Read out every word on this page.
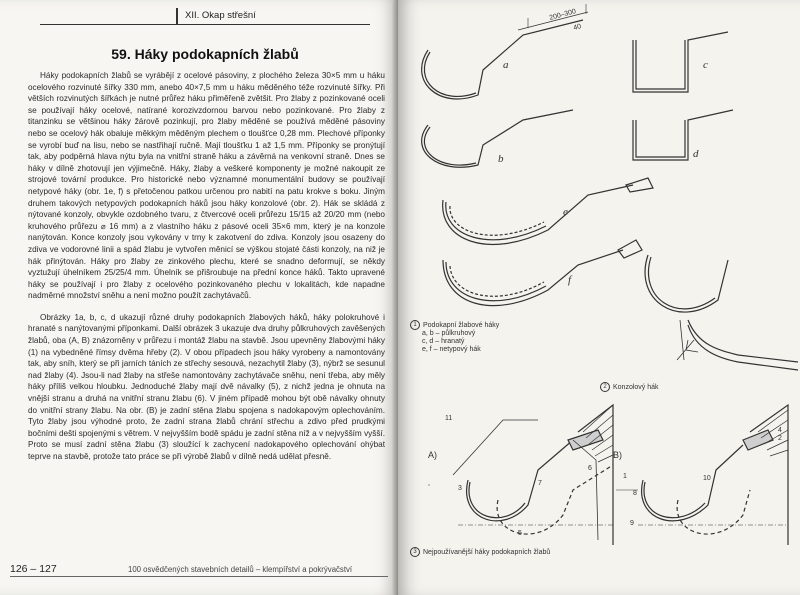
XII. Okap střešní
59. Háky podokapních žlabů

Háky podokapních žlabů se vyrábějí z ocelové pásoviny, z plochého železa 30×5 mm u háku ocelového rozvinuté šířky 330 mm, anebo 40×7,5 mm u háku měděného téže rozvinuté šířky. Při větších rozvinutých šířkách je nutné průřez háku přiměřeně zvětšit. Pro žlaby z pozinkované oceli se používají háky ocelové, natírané korozivzdornou barvou nebo pozinkované. Pro žlaby z titanzinku se většinou háky žárově pozinkují, pro žlaby měděné se používá měděné pásoviny nebo se ocelový hák obaluje měkkým měděným plechem o tloušťce 0,28 mm. Plechové příponky se vyrobí buď na lisu, nebo se nastřihají ručně. Mají tloušťku 1 až 1,5 mm. Příponky se pronýtují tak, aby podpěrná hlava nýtu byla na vnitřní straně háku a závěrná na venkovní straně. Dnes se háky v dílně zhotovují jen výjimečně. Háky, žlaby a veškeré komponenty je možné nakoupit ze strojové tovární produkce. Pro historické nebo významné monumentální budovy se používají netypové háky (obr. 1e, f) s přetočenou patkou určenou pro nabití na patu krokve s boku. Jiným druhem takových netypových podokapních háků jsou háky konzolové (obr. 2). Hák se skládá z nýtované konzoly, obvykle ozdobného tvaru, z čtvercové oceli průřezu 15/15 až 20/20 mm (nebo kruhového průřezu ⌀ 16 mm) a z vlastního háku z pásové oceli 35×6 mm, který je na konzole nanýtován. Konce konzoly jsou vykovány v trny k zakotvení do zdiva. Konzoly jsou osazeny do zdiva ve vodorovné linii a spád žlabu je vytvořen měnicí se výškou stojaté části konzoly, na niž je hák přinýtován. Háky pro žlaby ze zinkového plechu, které se snadno deformují, se někdy vyztužují úhelníkem 25/25/4 mm. Úhelník se přišroubuje na přední konce háků. Takto upravené háky se používají i pro žlaby z ocelového pozinkovaného plechu v lokalitách, kde napadne nadměrné množství sněhu a není možno použít zachytávačů.

Obrázky 1a, b, c, d ukazují různé druhy podokapních žlabových háků, háky polokruhové i hranaté s nanýtovanými příponkami. Další obrázek 3 ukazuje dva druhy půlkruhových zavěšených žlabů, oba (A, B) znázorněny v průřezu i montáž žlabu na stavbě. Jsou upevněny žlabovými háky (1) na vybedněné římsy dvěma hřeby (2). V obou případech jsou háky vyrobeny a namontovány tak, aby sníh, který se při jarních táních ze střechy sesouvá, nezachytil žlaby (3), nýbrž se sesunul nad žlaby (4). Jsou-li nad žlaby na střeše namontovány zachytávače sněhu, není třeba, aby měly háky příliš velkou hloubku. Jednoduché žlaby mají dvě návalky (5), z nichž jedna je ohnuta na vnější stranu a druhá na vnitřní stranu žlabu (6). V jiném případě mohou být obě návalky ohnuty do vnitřní strany žlabu. Na obr. (B) je zadní stěna žlabu spojena s nadokapovým oplechováním. Tyto žlaby jsou výhodné proto, že zadní strana žlabů chrání střechu a zdivo před prudkými bočními dešti spojenými s větrem. V nejvyšším bodě spádu je zadní stěna níž a v nejvyšším vyšší. Proto se musí zadní stěna žlabu (3) sloužící k zachycení nadokapového oplechování ohýbat teprve na stavbě, protože tato práce se při výrobě žlabů v dílně nedá udělat přesně.

126 – 127	100 osvědčených stavebních detailů – klempířství a pokrývačství
a	c
b	d
e
f
200–300
40
A)	B)
11
3
7
5
6
1
8
10
9
4
2
1 Podokapní žlabové háky
a, b – půlkruhový
c, d – hranatý
e, f – netypový hák
2 Konzolový hák
3 Nejpoužívanější háky podokapních žlabů
